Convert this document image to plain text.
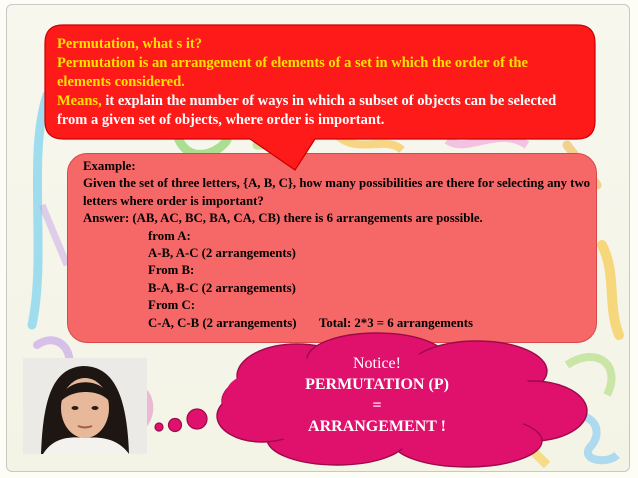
Example:
Given the set of three letters, {A, B, C}, how many possibilities are there for selecting any two letters where order is important?
Answer: (AB, AC, BC, BA, CA, CB) there is 6 arrangements are possible.
from A:
A-B, A-C (2 arrangements)
From B:
B-A, B-C (2 arrangements)
From C:
C-A, C-B (2 arrangements) Total: 2*3 = 6 arrangements
Permutation, what s it?
Permutation is an arrangement of elements of a set in which the order of the elements considered.
Means, it explain the number of ways in which a subset of objects can be selected from a given set of objects, where order is important.
Notice!
PERMUTATION (P)
=
ARRANGEMENT !
